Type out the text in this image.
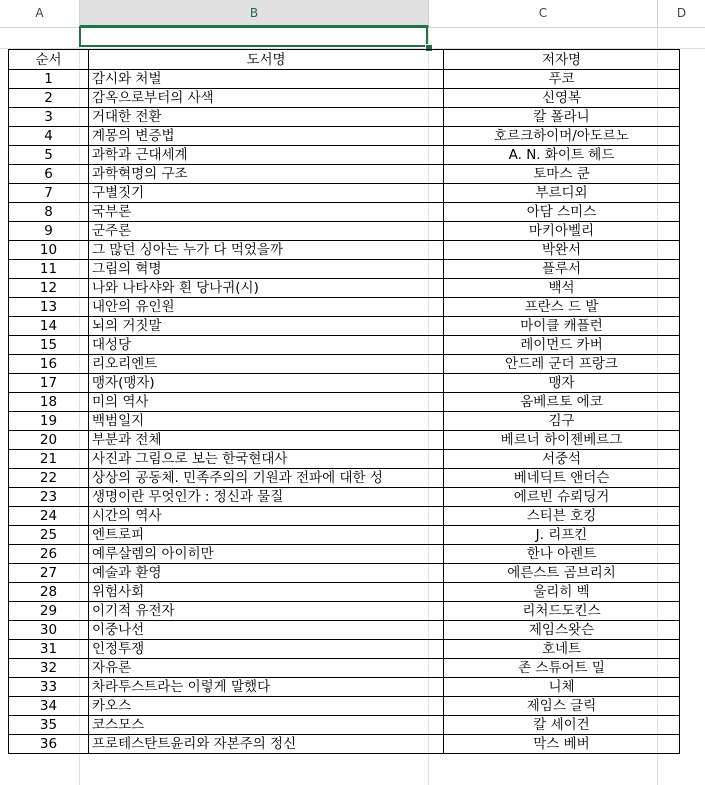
A	B	C	D
순서	도서명	저자명
1	감시와 처벌	푸코
2	감옥으로부터의 사색	신영복
3	거대한 전환	칼 폴라니
4	계몽의 변증법	호르크하이머/아도르노
5	과학과 근대세계	A. N. 화이트 헤드
6	과학혁명의 구조	토마스 쿤
7	구별짓기	부르디외
8	국부론	아담 스미스
9	군주론	마키아벨리
10	그 많던 싱아는 누가 다 먹었을까	박완서
11	그림의 혁명	플루서
12	나와 나타샤와 흰 당나귀(시)	백석
13	내안의 유인원	프란스 드 발
14	뇌의 거짓말	마이클 캐플런
15	대성당	레이먼드 카버
16	리오리엔트	안드레 군더 프랑크
17	맹자(맹자)	맹자
18	미의 역사	움베르토 에코
19	백범일지	김구
20	부분과 전체	베르너 하이젠베르그
21	사진과 그림으로 보는 한국현대사	서중석
22	상상의 공동체. 민족주의의 기원과 전파에 대한 성	베네딕트 앤더슨
23	생명이란 무엇인가 : 정신과 물질	에르빈 슈뢰딩거
24	시간의 역사	스티븐 호킹
25	엔트로피	J. 리프킨
26	예루살렘의 아이히만	한나 아렌트
27	예술과 환영	에른스트 곰브리치
28	위험사회	울리히 벡
29	이기적 유전자	리처드도킨스
30	이중나선	제임스왓슨
31	인정투쟁	호네트
32	자유론	존 스튜어트 밀
33	차라투스트라는 이렇게 말했다	니체
34	카오스	제임스 글릭
35	코스모스	칼 세이건
36	프로테스탄트윤리와 자본주의 정신	막스 베버
